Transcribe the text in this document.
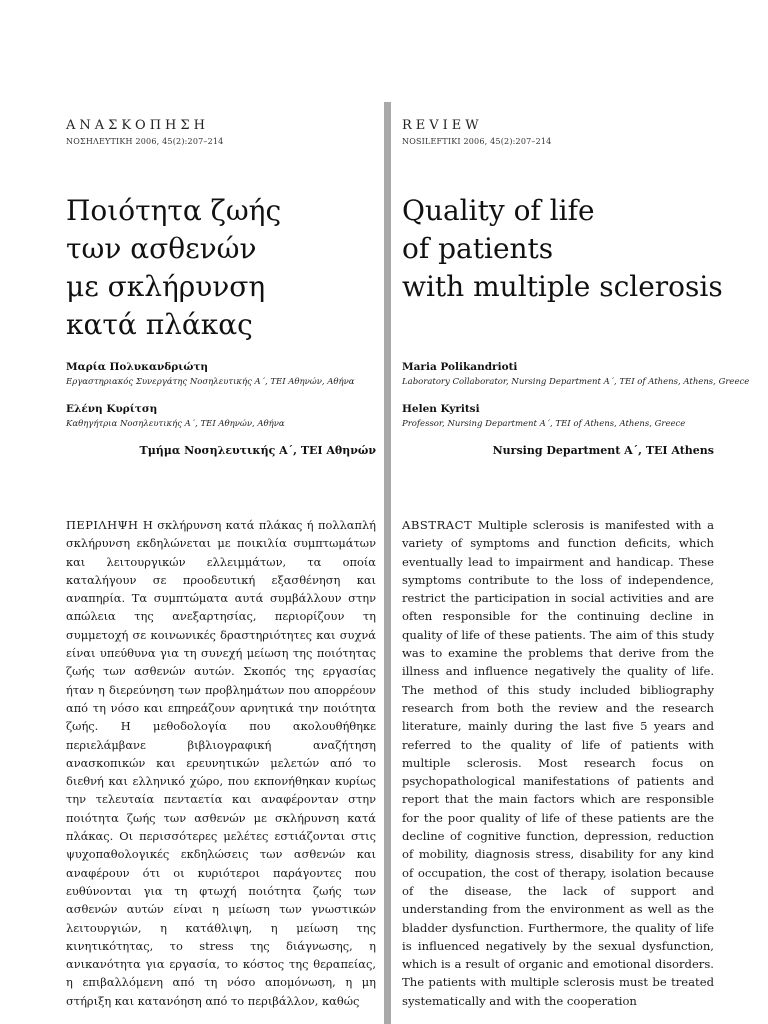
ΑΝΑΣΚΟΠΗΣΗ
ΝΟΣΗΛΕΥΤΙΚΗ 2006, 45(2):207–214
Ποιότητα ζωής
των ασθενών
με σκλήρυνση
κατά πλάκας
Μαρία Πολυκανδριώτη
Εργαστηριακός Συνεργάτης Νοσηλευτικής Α΄, ΤΕΙ Αθηνών, Αθήνα
Ελένη Κυρίτση
Καθηγήτρια Νοσηλευτικής Α΄, ΤΕΙ Αθηνών, Αθήνα
Τμήμα Νοσηλευτικής Α΄, ΤΕΙ Αθηνών

ΠΕΡΙΛΗΨΗ Η σκλήρυνση κατά πλάκας ή πολλαπλή σκλήρυνση εκδηλώνεται με ποικιλία συμπτωμάτων και λειτουργικών ελλειμμάτων, τα οποία καταλήγουν σε προοδευτική εξασθένηση και αναπηρία. Τα συμπτώματα αυτά συμβάλλουν στην απώλεια της ανεξαρτησίας, περιορίζουν τη συμμετοχή σε κοινωνικές δραστηριότητες και συχνά είναι υπεύθυνα για τη συνεχή μείωση της ποιότητας ζωής των ασθενών αυτών. Σκοπός της εργασίας ήταν η διερεύνηση των προβλημάτων που απορρέουν από τη νόσο και επηρεάζουν αρνητικά την ποιότητα ζωής. Η μεθοδολογία που ακολουθήθηκε περιελάμβανε βιβλιογραφική αναζήτηση ανασκοπικών και ερευνητικών μελετών από το διεθνή και ελληνικό χώρο, που εκπονήθηκαν κυρίως την τελευταία πενταετία και αναφέρονταν στην ποιότητα ζωής των ασθενών με σκλήρυνση κατά πλάκας. Οι περισσότερες μελέτες εστιάζονται στις ψυχοπαθολογικές εκδηλώσεις των ασθενών και αναφέρουν ότι οι κυριότεροι παράγοντες που ευθύνονται για τη φτωχή ποιότητα ζωής των ασθενών αυτών είναι η μείωση των γνωστικών λειτουργιών, η κατάθλιψη, η μείωση της κινητικότητας, το stress της διάγνωσης, η ανικανότητα για εργασία, το κόστος της θεραπείας, η επιβαλλόμενη από τη νόσο απομόνωση, η μη στήριξη και κατανόηση από το περιβάλλον, καθώς

REVIEW
NOSILEFTIKI 2006, 45(2):207–214
Quality of life
of patients
with multiple sclerosis
Maria Polikandrioti
Laboratory Collaborator, Nursing Department A΄, TEI of Athens, Athens, Greece
Helen Kyritsi
Professor, Nursing Department A΄, TEI of Athens, Athens, Greece
Nursing Department A΄, TEI Athens

ABSTRACT Multiple sclerosis is manifested with a variety of symptoms and function deficits, which eventually lead to impairment and handicap. These symptoms contribute to the loss of independence, restrict the participation in social activities and are often responsible for the continuing decline in quality of life of these patients. The aim of this study was to examine the problems that derive from the illness and influence negatively the quality of life. The method of this study included bibliography research from both the review and the research literature, mainly during the last five 5 years and referred to the quality of life of patients with multiple sclerosis. Most research focus on psychopathological manifestations of patients and report that the main factors which are responsible for the poor quality of life of these patients are the decline of cognitive function, depression, reduction of mobility, diagnosis stress, disability for any kind of occupation, the cost of therapy, isolation because of the disease, the lack of support and understanding from the environment as well as the bladder dysfunction. Furthermore, the quality of life is influenced negatively by the sexual dysfunction, which is a result of organic and emotional disorders. The patients with multiple sclerosis must be treated systematically and with the cooperation
